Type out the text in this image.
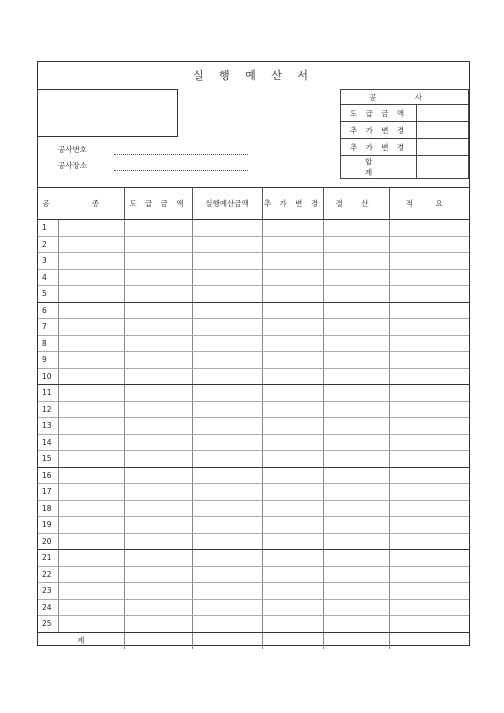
실 행 예 산 서
공사번호
공사장소
공 사	
도 급 금 액	
추 가 변 경	
추 가 변 경	
합 계	
공 종		도 급 금 액	실행예산금액	추 가 변 경	결 산	적 요
1						
2						
3						
4						
5						
6						
7						
8						
9						
10						
11						
12						
13						
14						
15						
16						
17						
18						
19						
20						
21						
22						
23						
24						
25						
계						
